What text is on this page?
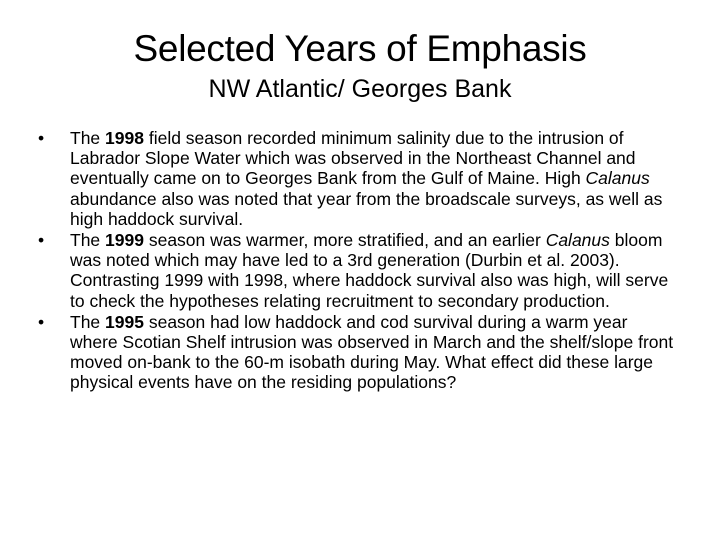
Selected Years of Emphasis
NW Atlantic/ Georges Bank
•	The 1998 field season recorded minimum salinity due to the intrusion of Labrador Slope Water which was observed in the Northeast Channel and eventually came on to Georges Bank from the Gulf of Maine. High Calanus abundance also was noted that year from the broadscale surveys, as well as high haddock survival.
•	The 1999 season was warmer, more stratified, and an earlier Calanus bloom was noted which may have led to a 3rd generation (Durbin et al. 2003). Contrasting 1999 with 1998, where haddock survival also was high, will serve to check the hypotheses relating recruitment to secondary production.
•	The 1995 season had low haddock and cod survival during a warm year where Scotian Shelf intrusion was observed in March and the shelf/slope front moved on-bank to the 60-m isobath during May. What effect did these large physical events have on the residing populations?
